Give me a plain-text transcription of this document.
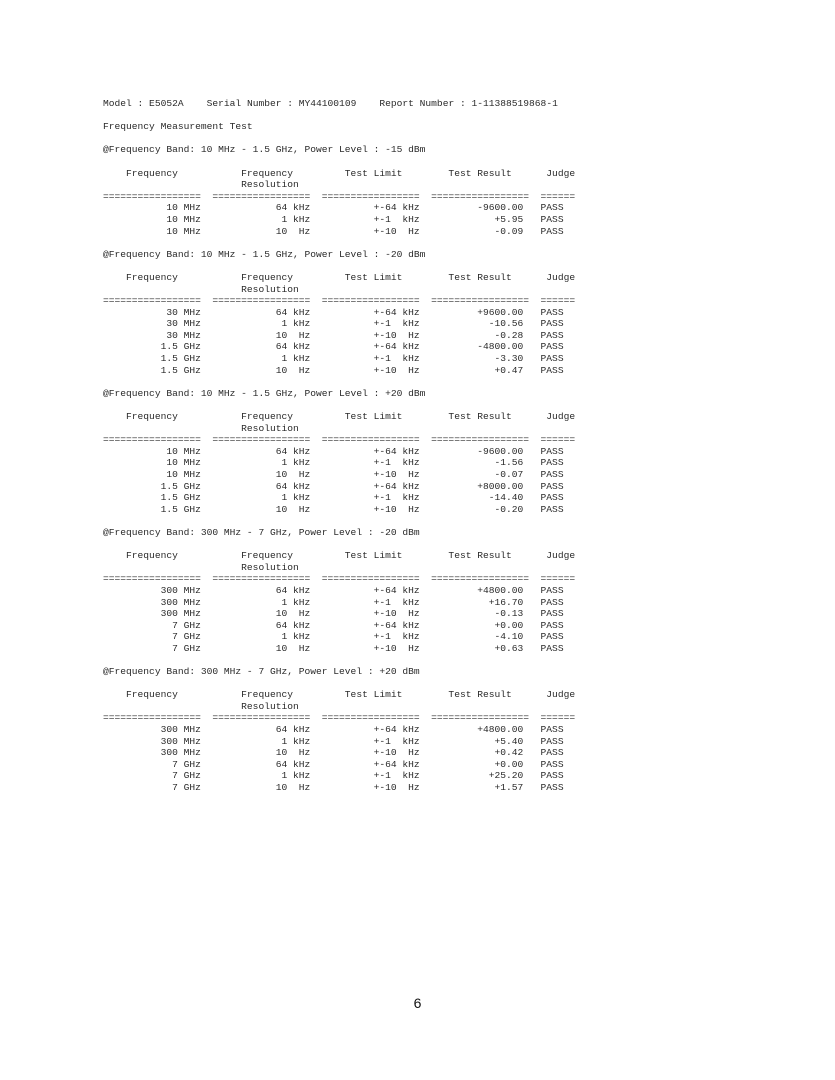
Model : E5052A Serial Number : MY44100109 Report Number : 1-11388519868-1

Frequency Measurement Test

@Frequency Band: 10 MHz - 1.5 GHz, Power Level : -15 dBm

Frequency           Frequency         Test Limit        Test Result      Judge
Resolution
=================  =================  =================  =================  ======
10 MHz             64 kHz           +-64 kHz          -9600.00   PASS
10 MHz              1 kHz           +-1  kHz             +5.95   PASS
10 MHz             10  Hz           +-10  Hz             -0.09   PASS

@Frequency Band: 10 MHz - 1.5 GHz, Power Level : -20 dBm

Frequency           Frequency         Test Limit        Test Result      Judge
Resolution
=================  =================  =================  =================  ======
30 MHz             64 kHz           +-64 kHz          +9600.00   PASS
30 MHz              1 kHz           +-1  kHz            -10.56   PASS
30 MHz             10  Hz           +-10  Hz             -0.28   PASS
1.5 GHz             64 kHz           +-64 kHz          -4800.00   PASS
1.5 GHz              1 kHz           +-1  kHz             -3.30   PASS
1.5 GHz             10  Hz           +-10  Hz             +0.47   PASS

@Frequency Band: 10 MHz - 1.5 GHz, Power Level : +20 dBm

Frequency           Frequency         Test Limit        Test Result      Judge
Resolution
=================  =================  =================  =================  ======
10 MHz             64 kHz           +-64 kHz          -9600.00   PASS
10 MHz              1 kHz           +-1  kHz             -1.56   PASS
10 MHz             10  Hz           +-10  Hz             -0.07   PASS
1.5 GHz             64 kHz           +-64 kHz          +8000.00   PASS
1.5 GHz              1 kHz           +-1  kHz            -14.40   PASS
1.5 GHz             10  Hz           +-10  Hz             -0.20   PASS

@Frequency Band: 300 MHz - 7 GHz, Power Level : -20 dBm

Frequency           Frequency         Test Limit        Test Result      Judge
Resolution
=================  =================  =================  =================  ======
300 MHz             64 kHz           +-64 kHz          +4800.00   PASS
300 MHz              1 kHz           +-1  kHz            +16.70   PASS
300 MHz             10  Hz           +-10  Hz             -0.13   PASS
7 GHz             64 kHz           +-64 kHz             +0.00   PASS
7 GHz              1 kHz           +-1  kHz             -4.10   PASS
7 GHz             10  Hz           +-10  Hz             +0.63   PASS

@Frequency Band: 300 MHz - 7 GHz, Power Level : +20 dBm

Frequency           Frequency         Test Limit        Test Result      Judge
Resolution
=================  =================  =================  =================  ======
300 MHz             64 kHz           +-64 kHz          +4800.00   PASS
300 MHz              1 kHz           +-1  kHz             +5.40   PASS
300 MHz             10  Hz           +-10  Hz             +0.42   PASS
7 GHz             64 kHz           +-64 kHz             +0.00   PASS
7 GHz              1 kHz           +-1  kHz            +25.20   PASS
7 GHz             10  Hz           +-10  Hz             +1.57   PASS

6
